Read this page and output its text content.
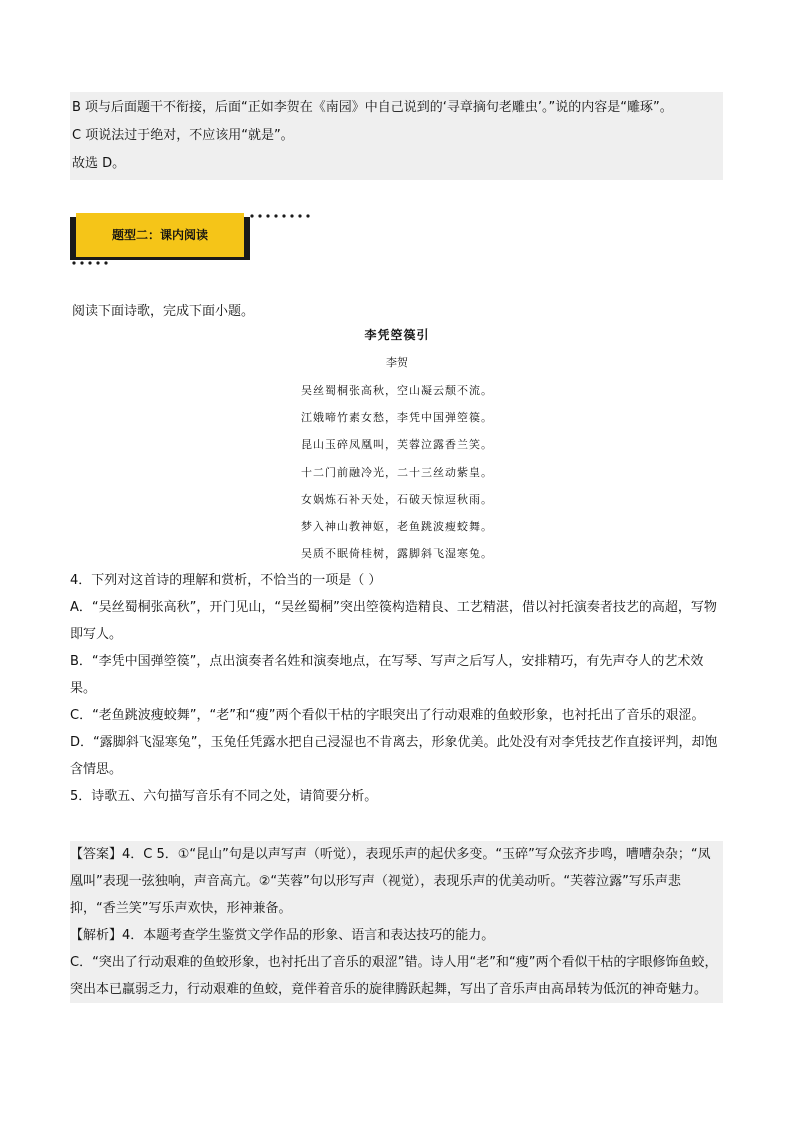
B 项与后面题干不衔接，后面“正如李贺在《南园》中自己说到的‘寻章摘句老雕虫’。”说的内容是“雕琢”。
C 项说法过于绝对，不应该用“就是”。
故选 D。
题型二：课内阅读
阅读下面诗歌，完成下面小题。
李凭箜篌引
李贺
吴丝蜀桐张高秋，空山凝云颓不流。
江娥啼竹素女愁，李凭中国弹箜篌。
昆山玉碎凤凰叫，芙蓉泣露香兰笑。
十二门前融冷光，二十三丝动紫皇。
女娲炼石补天处，石破天惊逗秋雨。
梦入神山教神妪，老鱼跳波瘦蛟舞。
吴质不眠倚桂树，露脚斜飞湿寒兔。
4．下列对这首诗的理解和赏析，不恰当的一项是（ ）
A．“吴丝蜀桐张高秋”，开门见山，“吴丝蜀桐”突出箜篌构造精良、工艺精湛，借以衬托演奏者技艺的高超，写物即写人。
B．“李凭中国弹箜篌”，点出演奏者名姓和演奏地点，在写琴、写声之后写人，安排精巧，有先声夺人的艺术效果。
C．“老鱼跳波瘦蛟舞”，“老”和“瘦”两个看似干枯的字眼突出了行动艰难的鱼蛟形象，也衬托出了音乐的艰涩。
D．“露脚斜飞湿寒兔”，玉兔任凭露水把自己浸湿也不肯离去，形象优美。此处没有对李凭技艺作直接评判，却饱含情思。
5．诗歌五、六句描写音乐有不同之处，请简要分析。
【答案】4．C 5．①“昆山”句是以声写声（听觉），表现乐声的起伏多变。“玉碎”写众弦齐步鸣，嘈嘈杂杂；“凤凰叫”表现一弦独响，声音高亢。②“芙蓉”句以形写声（视觉），表现乐声的优美动听。“芙蓉泣露”写乐声悲抑，“香兰笑”写乐声欢快，形神兼备。
【解析】4．本题考查学生鉴赏文学作品的形象、语言和表达技巧的能力。
C．“突出了行动艰难的鱼蛟形象，也衬托出了音乐的艰涩”错。诗人用“老”和“瘦”两个看似干枯的字眼修饰鱼蛟，突出本已羸弱乏力，行动艰难的鱼蛟，竟伴着音乐的旋律腾跃起舞，写出了音乐声由高昂转为低沉的神奇魅力。
